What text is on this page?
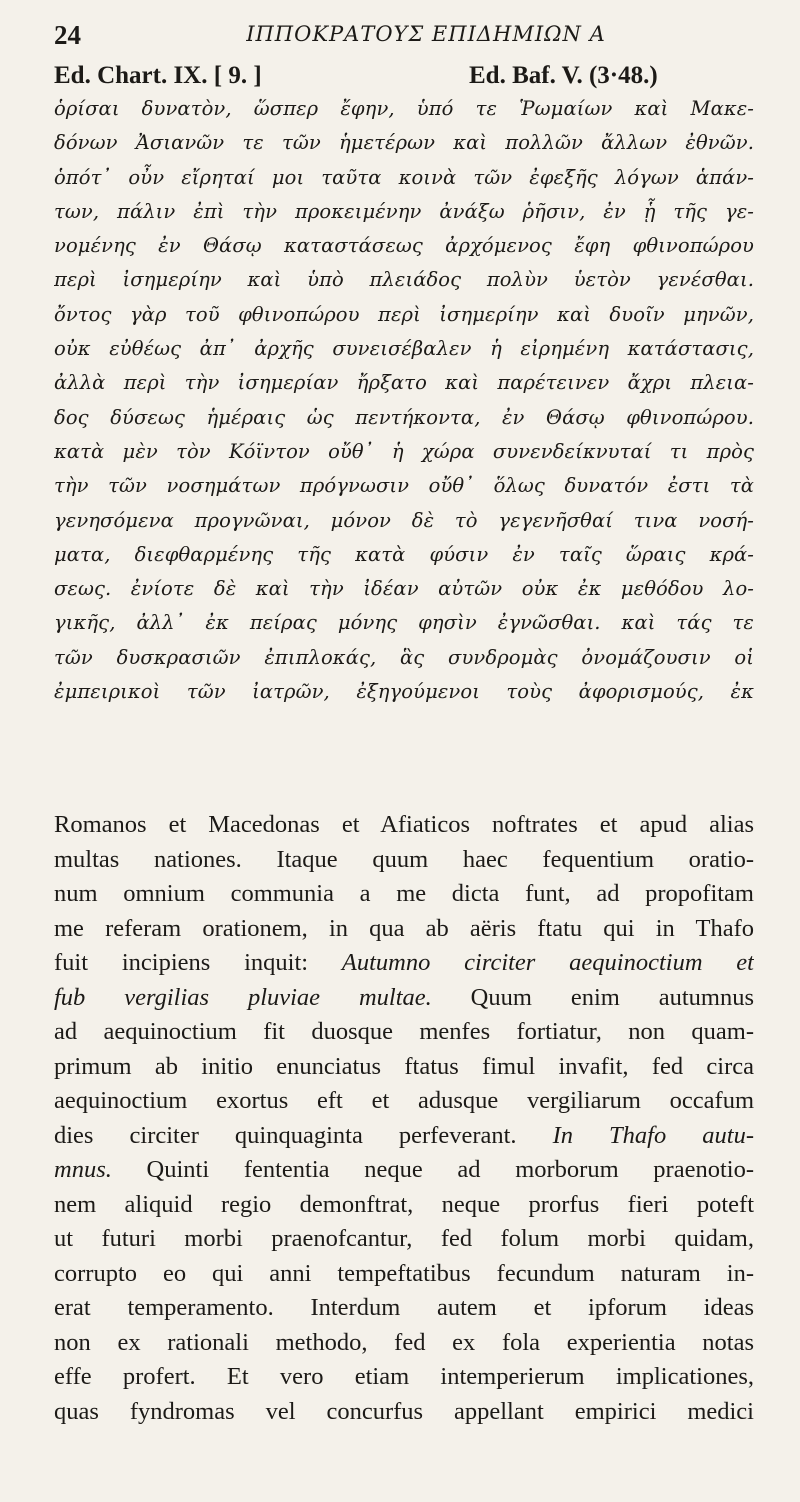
24	ΙΠΠΟΚΡΑΤΟΥΣ ΕΠΙΔΗΜΙΩΝ Α
Ed. Chart. IX. [ 9. ]	Ed. Baf. V. (3·48.)
ὁρίσαι δυνατὸν, ὥσπερ ἔφην, ὑπό τε Ῥωμαίων καὶ Μακε-
δόνων Ἀσιανῶν τε τῶν ἡμετέρων καὶ πολλῶν ἄλλων ἐθνῶν.
ὁπότ᾽ οὖν εἴρηταί μοι ταῦτα κοινὰ τῶν ἐφεξῆς λόγων ἁπάν-
των, πάλιν ἐπὶ τὴν προκειμένην ἀνάξω ῥῆσιν, ἐν ᾗ τῆς γε-
νομένης ἐν Θάσῳ καταστάσεως ἀρχόμενος ἔφη φθινοπώρου
περὶ ἰσημερίην καὶ ὑπὸ πλειάδος πολὺν ὑετὸν γενέσθαι.
ὄντος γὰρ τοῦ φθινοπώρου περὶ ἰσημερίην καὶ δυοῖν μηνῶν,
οὐκ εὐθέως ἀπ᾽ ἀρχῆς συνεισέβαλεν ἡ εἰρημένη κατάστασις,
ἀλλὰ περὶ τὴν ἰσημερίαν ἤρξατο καὶ παρέτεινεν ἄχρι πλεια-
δος δύσεως ἡμέραις ὡς πεντήκοντα, ἐν Θάσῳ φθινοπώρου.
κατὰ μὲν τὸν Κόϊντον οὔθ᾽ ἡ χώρα συνενδείκνυταί τι πρὸς
τὴν τῶν νοσημάτων πρόγνωσιν οὔθ᾽ ὅλως δυνατόν ἐστι τὰ
γενησόμενα προγνῶναι, μόνον δὲ τὸ γεγενῆσθαί τινα νοσή-
ματα, διεφθαρμένης τῆς κατὰ φύσιν ἐν ταῖς ὥραις κρά-
σεως. ἐνίοτε δὲ καὶ τὴν ἰδέαν αὐτῶν οὐκ ἐκ μεθόδου λο-
γικῆς, ἀλλ᾽ ἐκ πείρας μόνης φησὶν ἐγνῶσθαι. καὶ τάς τε
τῶν δυσκρασιῶν ἐπιπλοκάς, ἃς συνδρομὰς ὀνομάζουσιν οἱ
ἐμπειρικοὶ τῶν ἰατρῶν, ἐξηγούμενοι τοὺς ἀφορισμούς, ἐκ
Romanos et Macedonas et Afiaticos noftrates et apud alias
multas nationes. Itaque quum haec fequentium oratio-
num omnium communia a me dicta funt, ad propofitam
me referam orationem, in qua ab aëris ftatu qui in Thafo
fuit incipiens inquit: Autumno circiter aequinoctium et
fub vergilias pluviae multae. Quum enim autumnus
ad aequinoctium fit duosque menfes fortiatur, non quam-
primum ab initio enunciatus ftatus fimul invafit, fed circa
aequinoctium exortus eft et adusque vergiliarum occafum
dies circiter quinquaginta perfeverant. In Thafo autu-
mnus. Quinti fententia neque ad morborum praenotio-
nem aliquid regio demonftrat, neque prorfus fieri poteft
ut futuri morbi praenofcantur, fed folum morbi quidam,
corrupto eo qui anni tempeftatibus fecundum naturam in-
erat temperamento. Interdum autem et ipforum ideas
non ex rationali methodo, fed ex fola experientia notas
effe profert. Et vero etiam intemperierum implicationes,
quas fyndromas vel concurfus appellant empirici medici
